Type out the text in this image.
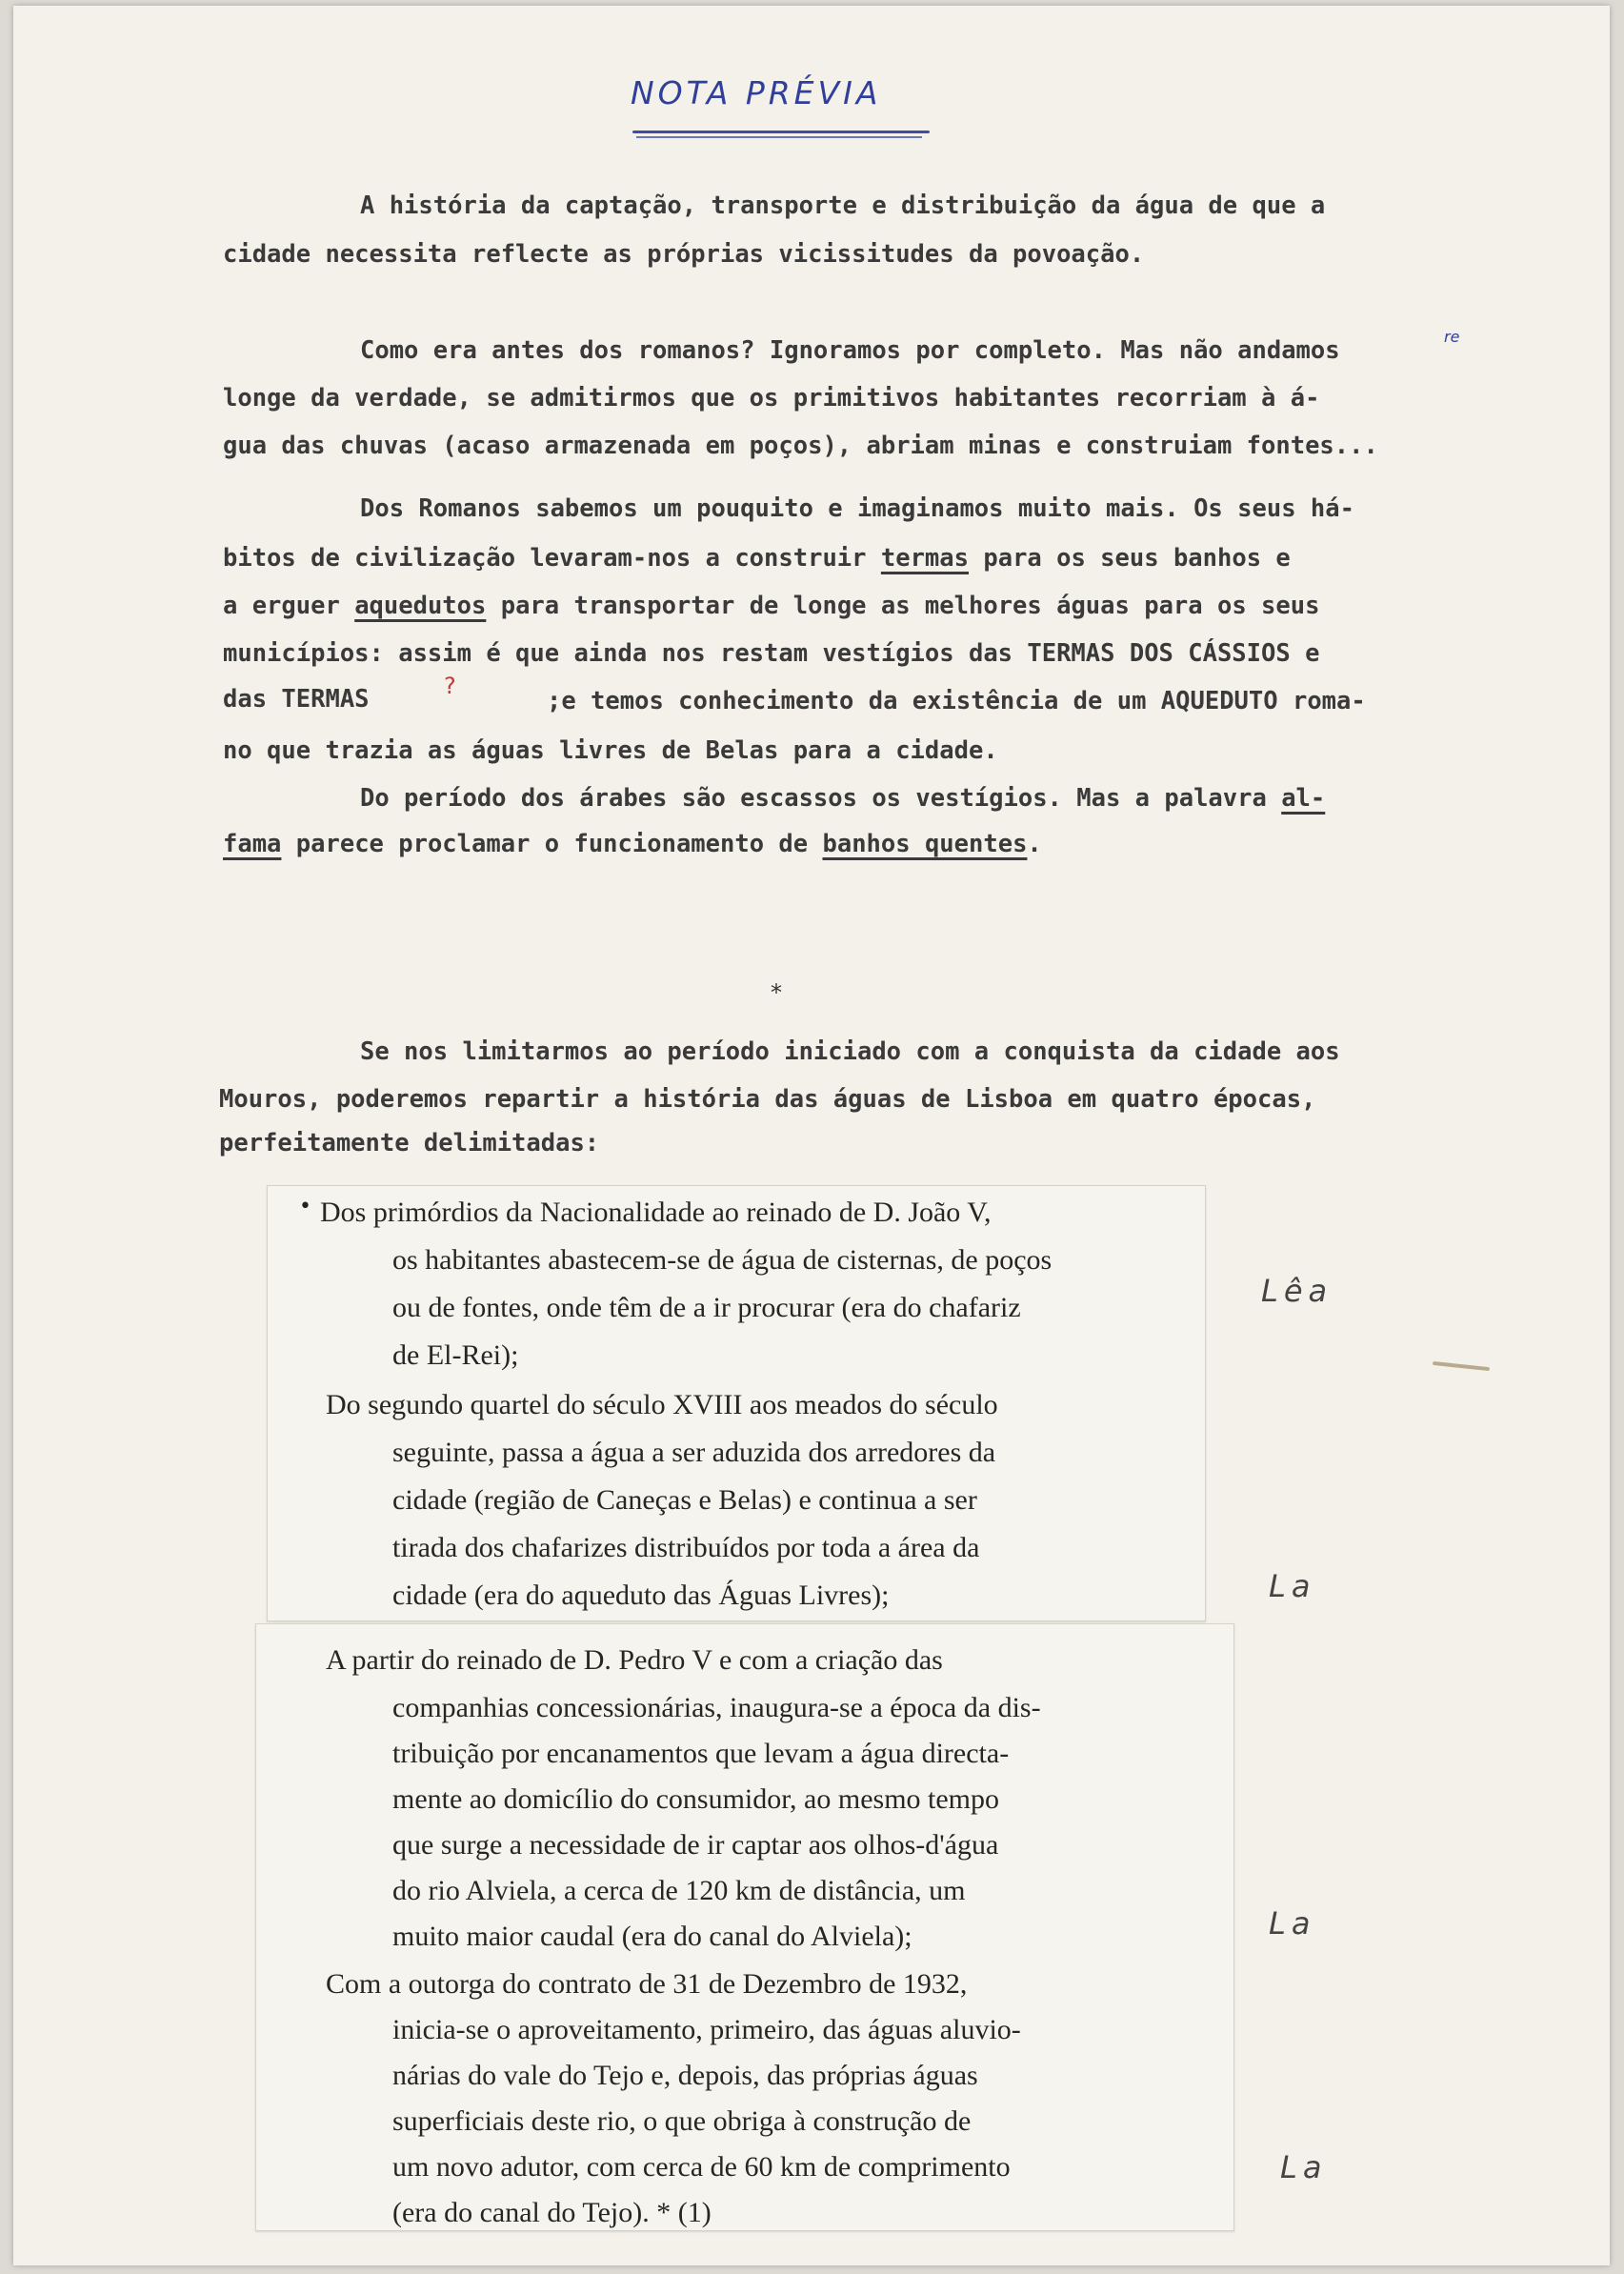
NOTA PRÉVIA
A história da captação, transporte e distribuição da água de que a
cidade necessita reflecte as próprias vicissitudes da povoação.
Como era antes dos romanos? Ignoramos por completo. Mas não andamos	re
longe da verdade, se admitirmos que os primitivos habitantes recorriam à á-
gua das chuvas (acaso armazenada em poços), abriam minas e construiam fontes...
Dos Romanos sabemos um pouquito e imaginamos muito mais. Os seus há-
bitos de civilização levaram-nos a construir termas para os seus banhos e
a erguer aquedutos para transportar de longe as melhores águas para os seus
municípios: assim é que ainda nos restam vestígios das TERMAS DOS CÁSSIOS e
das TERMAS	?
;e temos conhecimento da existência de um AQUEDUTO roma-
no que trazia as águas livres de Belas para a cidade.
Do período dos árabes são escassos os vestígios. Mas a palavra al-
fama parece proclamar o funcionamento de banhos quentes.
*
Se nos limitarmos ao período iniciado com a conquista da cidade aos
Mouros, poderemos repartir a história das águas de Lisboa em quatro épocas,
perfeitamente delimitadas:
• Dos primórdios da Nacionalidade ao reinado de D. João V,
os habitantes abastecem-se de água de cisternas, de poços
ou de fontes, onde têm de a ir procurar (era do chafariz
de El-Rei);
Do segundo quartel do século XVIII aos meados do século
seguinte, passa a água a ser aduzida dos arredores da
cidade (região de Caneças e Belas) e continua a ser
tirada dos chafarizes distribuídos por toda a área da
cidade (era do aqueduto das Águas Livres);
A partir do reinado de D. Pedro V e com a criação das
companhias concessionárias, inaugura-se a época da dis-
tribuição por encanamentos que levam a água directa-
mente ao domicílio do consumidor, ao mesmo tempo
que surge a necessidade de ir captar aos olhos-d'água
do rio Alviela, a cerca de 120 km de distância, um
muito maior caudal (era do canal do Alviela);
Com a outorga do contrato de 31 de Dezembro de 1932,
inicia-se o aproveitamento, primeiro, das águas aluvio-
nárias do vale do Tejo e, depois, das próprias águas
superficiais deste rio, o que obriga à construção de
um novo adutor, com cerca de 60 km de comprimento
(era do canal do Tejo). * (1)
Lêa
La
La
La
